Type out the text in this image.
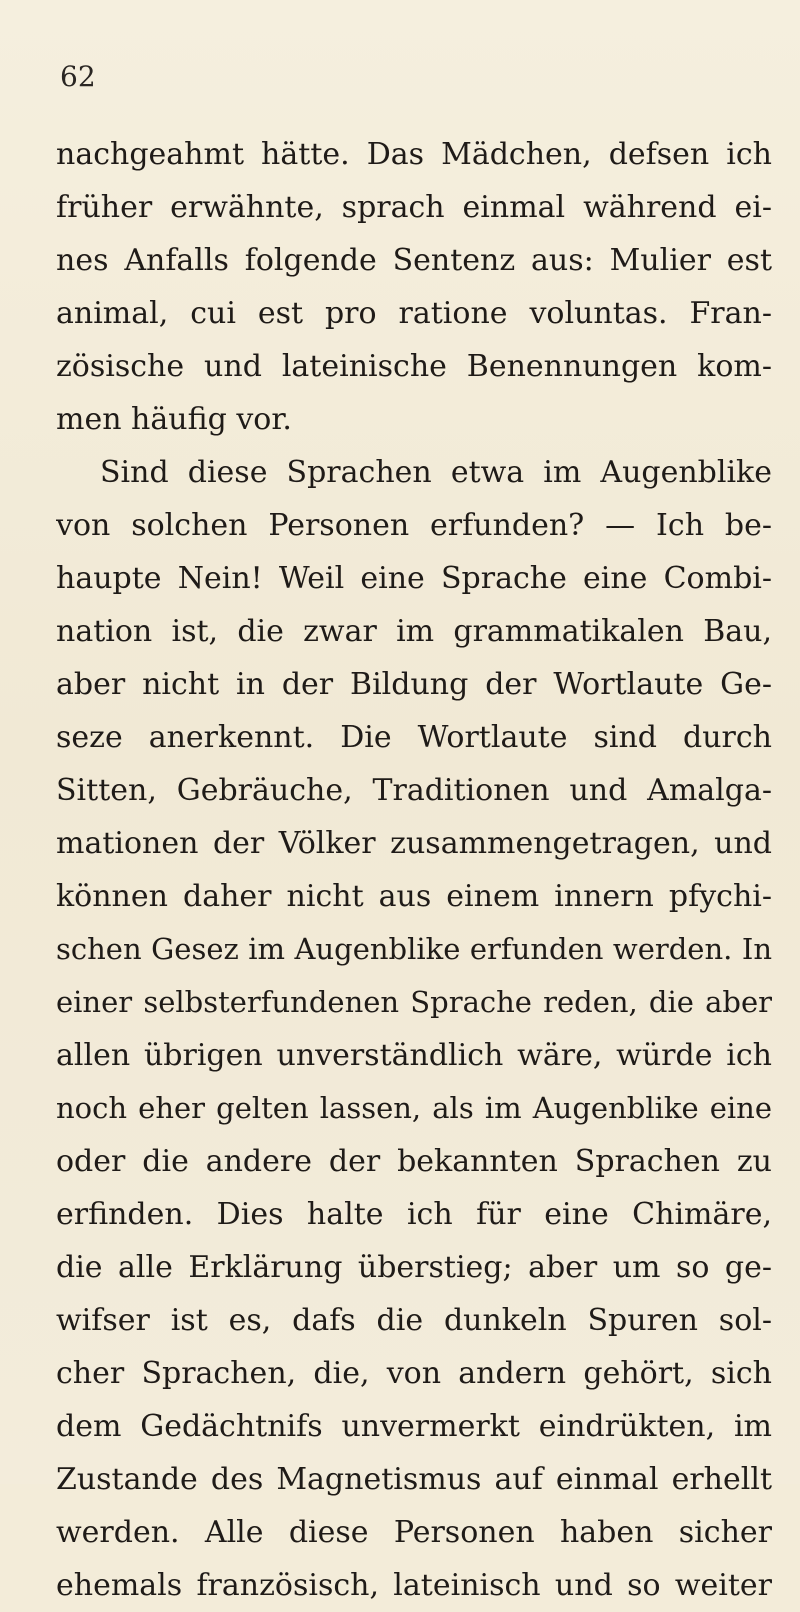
62
nachgeahmt hätte. Das Mädchen, defsen ich
früher erwähnte, sprach einmal während ei-
nes Anfalls folgende Sentenz aus: Mulier est
animal, cui est pro ratione voluntas. Fran-
zösische und lateinische Benennungen kom-
men häufig vor.
Sind diese Sprachen etwa im Augenblike
von solchen Personen erfunden? — Ich be-
haupte Nein! Weil eine Sprache eine Combi-
nation ist, die zwar im grammatikalen Bau,
aber nicht in der Bildung der Wortlaute Ge-
seze anerkennt. Die Wortlaute sind durch
Sitten, Gebräuche, Traditionen und Amalga-
mationen der Völker zusammengetragen, und
können daher nicht aus einem innern pfychi-
schen Gesez im Augenblike erfunden werden. In
einer selbsterfundenen Sprache reden, die aber
allen übrigen unverständlich wäre, würde ich
noch eher gelten lassen, als im Augenblike eine
oder die andere der bekannten Sprachen zu
erfinden. Dies halte ich für eine Chimäre,
die alle Erklärung überstieg; aber um so ge-
wifser ist es, dafs die dunkeln Spuren sol-
cher Sprachen, die, von andern gehört, sich
dem Gedächtnifs unvermerkt eindrükten, im
Zustande des Magnetismus auf einmal erhellt
werden. Alle diese Personen haben sicher
ehemals französisch, lateinisch und so weiter
